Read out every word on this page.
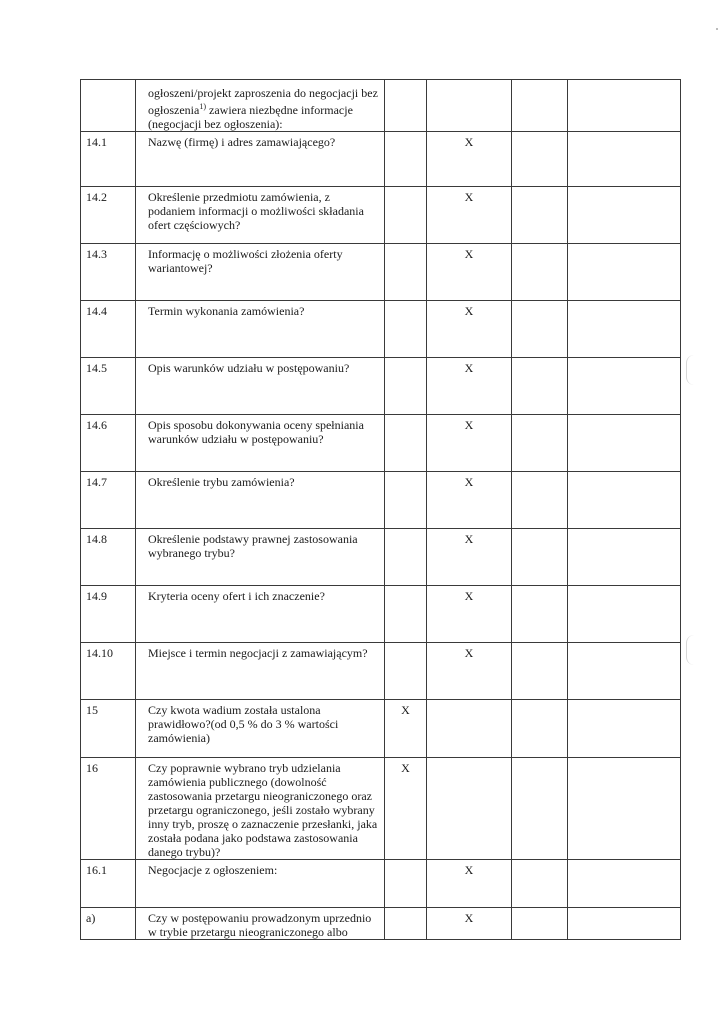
	ogłoszeni/projekt zaproszenia do negocjacji bez ogłoszenia$^{1)}$ zawiera niezbędne informacje (negocjacji bez ogłoszenia):				
14.1	Nazwę (firmę) i adres zamawiającego?		X		
14.2	Określenie przedmiotu zamówienia, z podaniem informacji o możliwości składania ofert częściowych?		X		
14.3	Informację o możliwości złożenia oferty wariantowej?		X		
14.4	Termin wykonania zamówienia?		X		
14.5	Opis warunków udziału w postępowaniu?		X		
14.6	Opis sposobu dokonywania oceny spełniania warunków udziału w postępowaniu?		X		
14.7	Określenie trybu zamówienia?		X		
14.8	Określenie podstawy prawnej zastosowania wybranego trybu?		X		
14.9	Kryteria oceny ofert i ich znaczenie?		X		
14.10	Miejsce i termin negocjacji z zamawiającym?		X		
15	Czy kwota wadium została ustalona prawidłowo?(od 0,5 % do 3 % wartości zamówienia)	X			
16	Czy poprawnie wybrano tryb udzielania zamówienia publicznego (dowolność zastosowania przetargu nieograniczonego oraz przetargu ograniczonego, jeśli zostało wybrany inny tryb, proszę o zaznaczenie przesłanki, jaka została podana jako podstawa zastosowania danego trybu)?	X			
16.1	Negocjacje z ogłoszeniem:		X		
a)	Czy w postępowaniu prowadzonym uprzednio w trybie przetargu nieograniczonego albo		X		
